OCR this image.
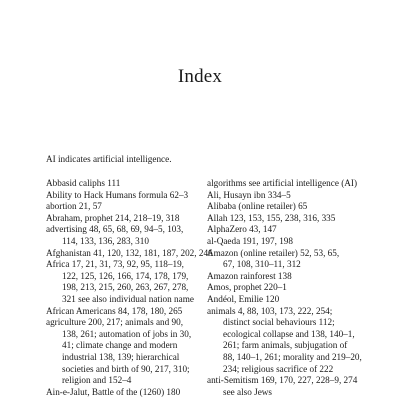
Index
AI indicates artificial intelligence.
Abbasid caliphs 111
Ability to Hack Humans formula 62–3
abortion 21, 57
Abraham, prophet 214, 218–19, 318
advertising 48, 65, 68, 69, 94–5, 103,
114, 133, 136, 283, 310
Afghanistan 41, 120, 132, 181, 187, 202, 246
Africa 17, 21, 31, 73, 92, 95, 118–19,
122, 125, 126, 166, 174, 178, 179,
198, 213, 215, 260, 263, 267, 278,
321 see also individual nation name
African Americans 84, 178, 180, 265
agriculture 200, 217; animals and 90,
138, 261; automation of jobs in 30,
41; climate change and modern
industrial 138, 139; hierarchical
societies and birth of 90, 217, 310;
religion and 152–4
Ain-e-Jalut, Battle of the (1260) 180
algorithms see artificial intelligence (AI)
Ali, Husayn ibn 334–5
Alibaba (online retailer) 65
Allah 123, 153, 155, 238, 316, 335
AlphaZero 43, 147
al-Qaeda 191, 197, 198
Amazon (online retailer) 52, 53, 65,
67, 108, 310–11, 312
Amazon rainforest 138
Amos, prophet 220–1
Andéol, Emilie 120
animals 4, 88, 103, 173, 222, 254;
distinct social behaviours 112;
ecological collapse and 138, 140–1,
261; farm animals, subjugation of
88, 140–1, 261; morality and 219–20,
234; religious sacrifice of 222
anti-Semitism 169, 170, 227, 228–9, 274
see also Jews
